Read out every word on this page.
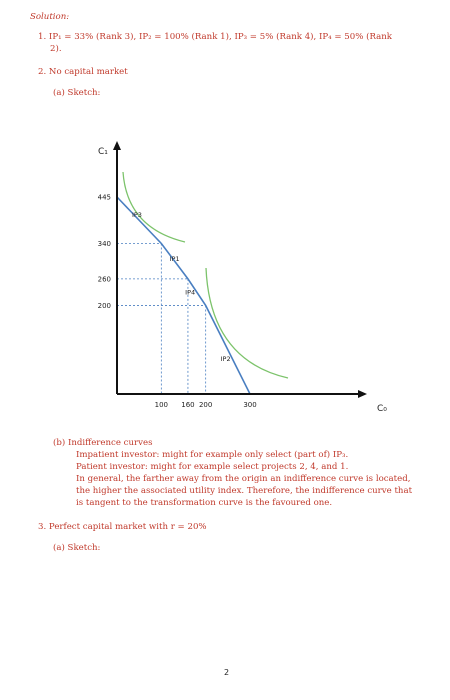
Solution:
1. IP₁ = 33% (Rank 3), IP₂ = 100% (Rank 1), IP₃ = 5% (Rank 4), IP₄ = 50% (Rank
2).
2. No capital market
(a) Sketch:
C₁
C₀
445
340
260
200
100 160 200	300
IP3
IP1
IP4
IP2
(b) Indifference curves
Impatient investor: might for example only select (part of) IP₃.
Patient investor: might for example select projects 2, 4, and 1.
In general, the farther away from the origin an indifference curve is located,
the higher the associated utility index. Therefore, the indifference curve that
is tangent to the transformation curve is the favoured one.
3. Perfect capital market with r = 20%
(a) Sketch:
2
